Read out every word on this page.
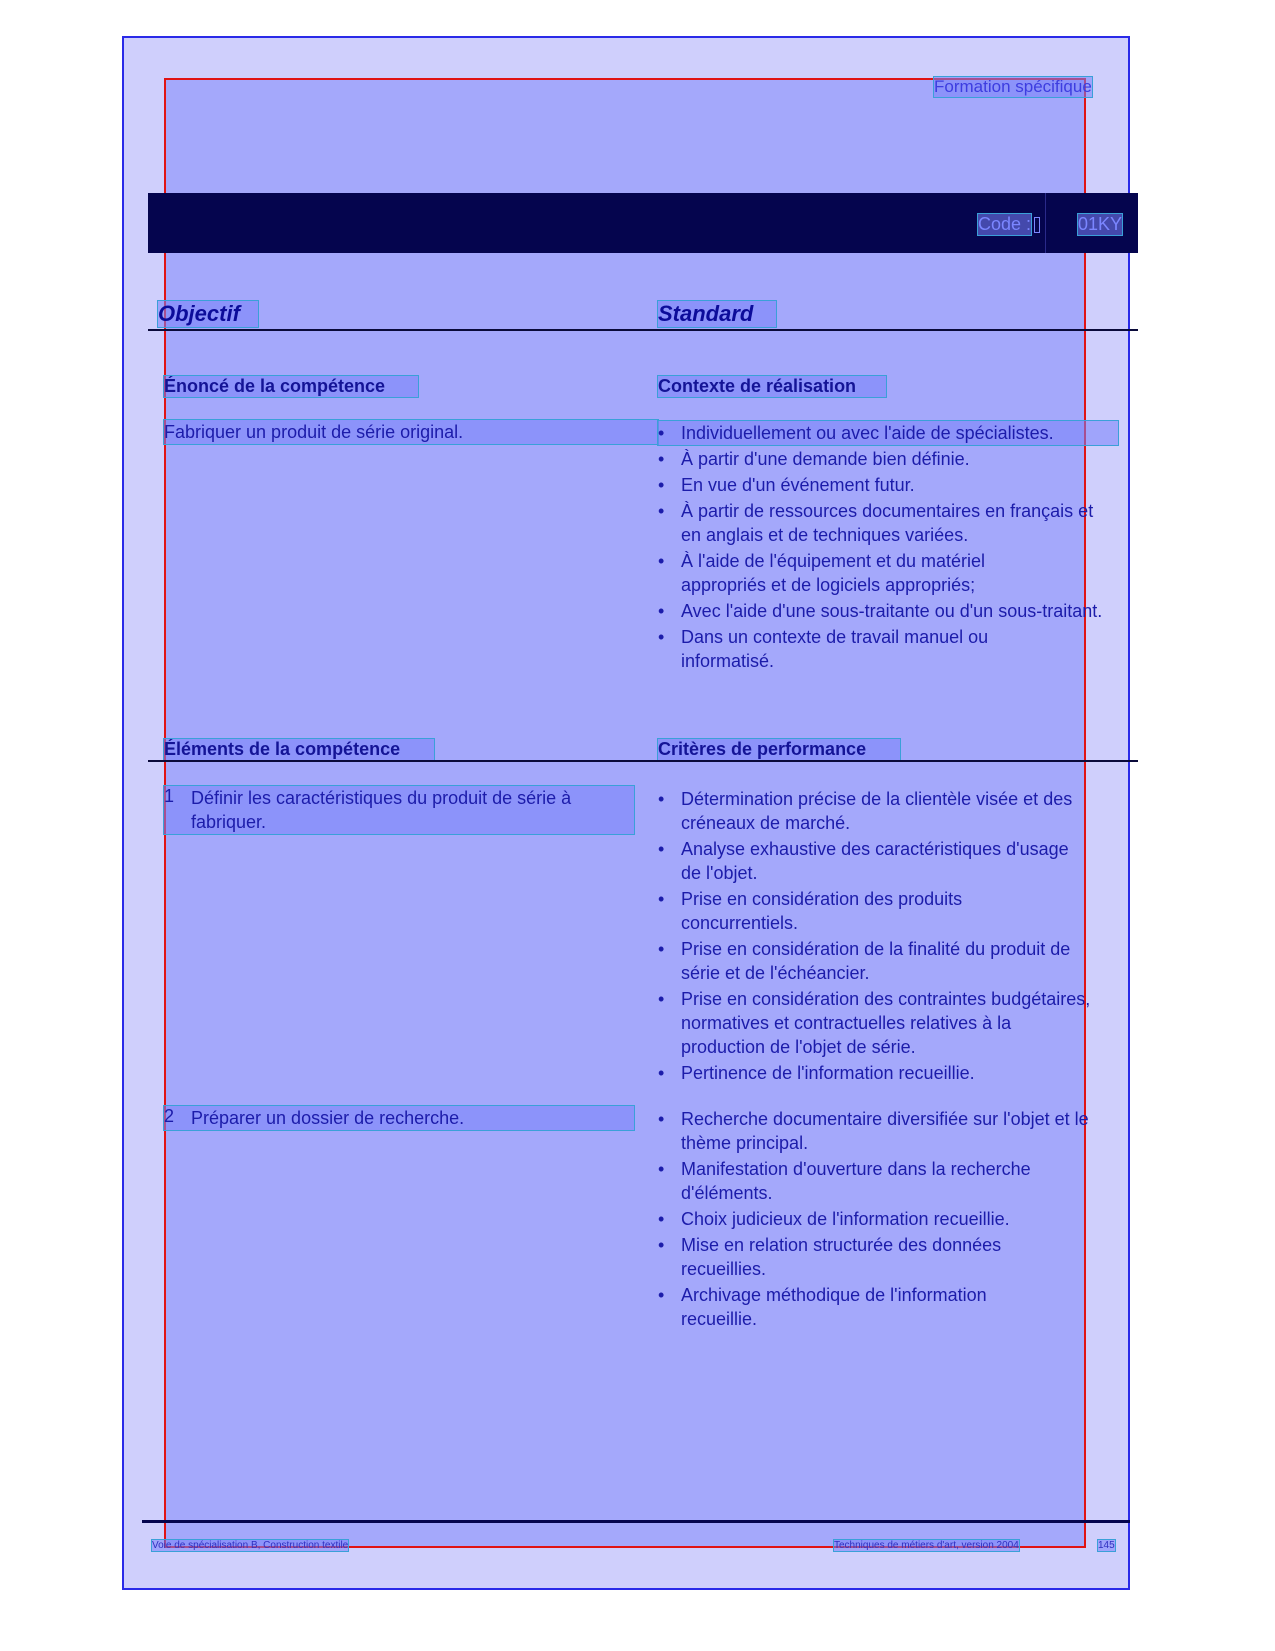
Formation spécifique
Code :	01KY
Objectif	Standard
Énoncé de la compétence	Contexte de réalisation
Fabriquer un produit de série original.	• Individuellement ou avec l'aide de spécialistes.
• À partir d'une demande bien définie.
• En vue d'un événement futur.
• À partir de ressources documentaires en français et en anglais et de techniques variées.
• À l'aide de l'équipement et du matériel appropriés et de logiciels appropriés;
• Avec l'aide d'une sous-traitante ou d'un sous-traitant.
• Dans un contexte de travail manuel ou informatisé.
Éléments de la compétence	Critères de performance
1 Définir les caractéristiques du produit de série à fabriquer.
• Détermination précise de la clientèle visée et des créneaux de marché.
• Analyse exhaustive des caractéristiques d'usage de l'objet.
• Prise en considération des produits concurrentiels.
• Prise en considération de la finalité du produit de série et de l'échéancier.
• Prise en considération des contraintes budgétaires, normatives et contractuelles relatives à la production de l'objet de série.
• Pertinence de l'information recueillie.
2 Préparer un dossier de recherche.	• Recherche documentaire diversifiée sur l'objet et le thème principal.
• Manifestation d'ouverture dans la recherche d'éléments.
• Choix judicieux de l'information recueillie.
• Mise en relation structurée des données recueillies.
• Archivage méthodique de l'information recueillie.
Voie de spécialisation B, Construction textile	Techniques de métiers d'art, version 2004	145
